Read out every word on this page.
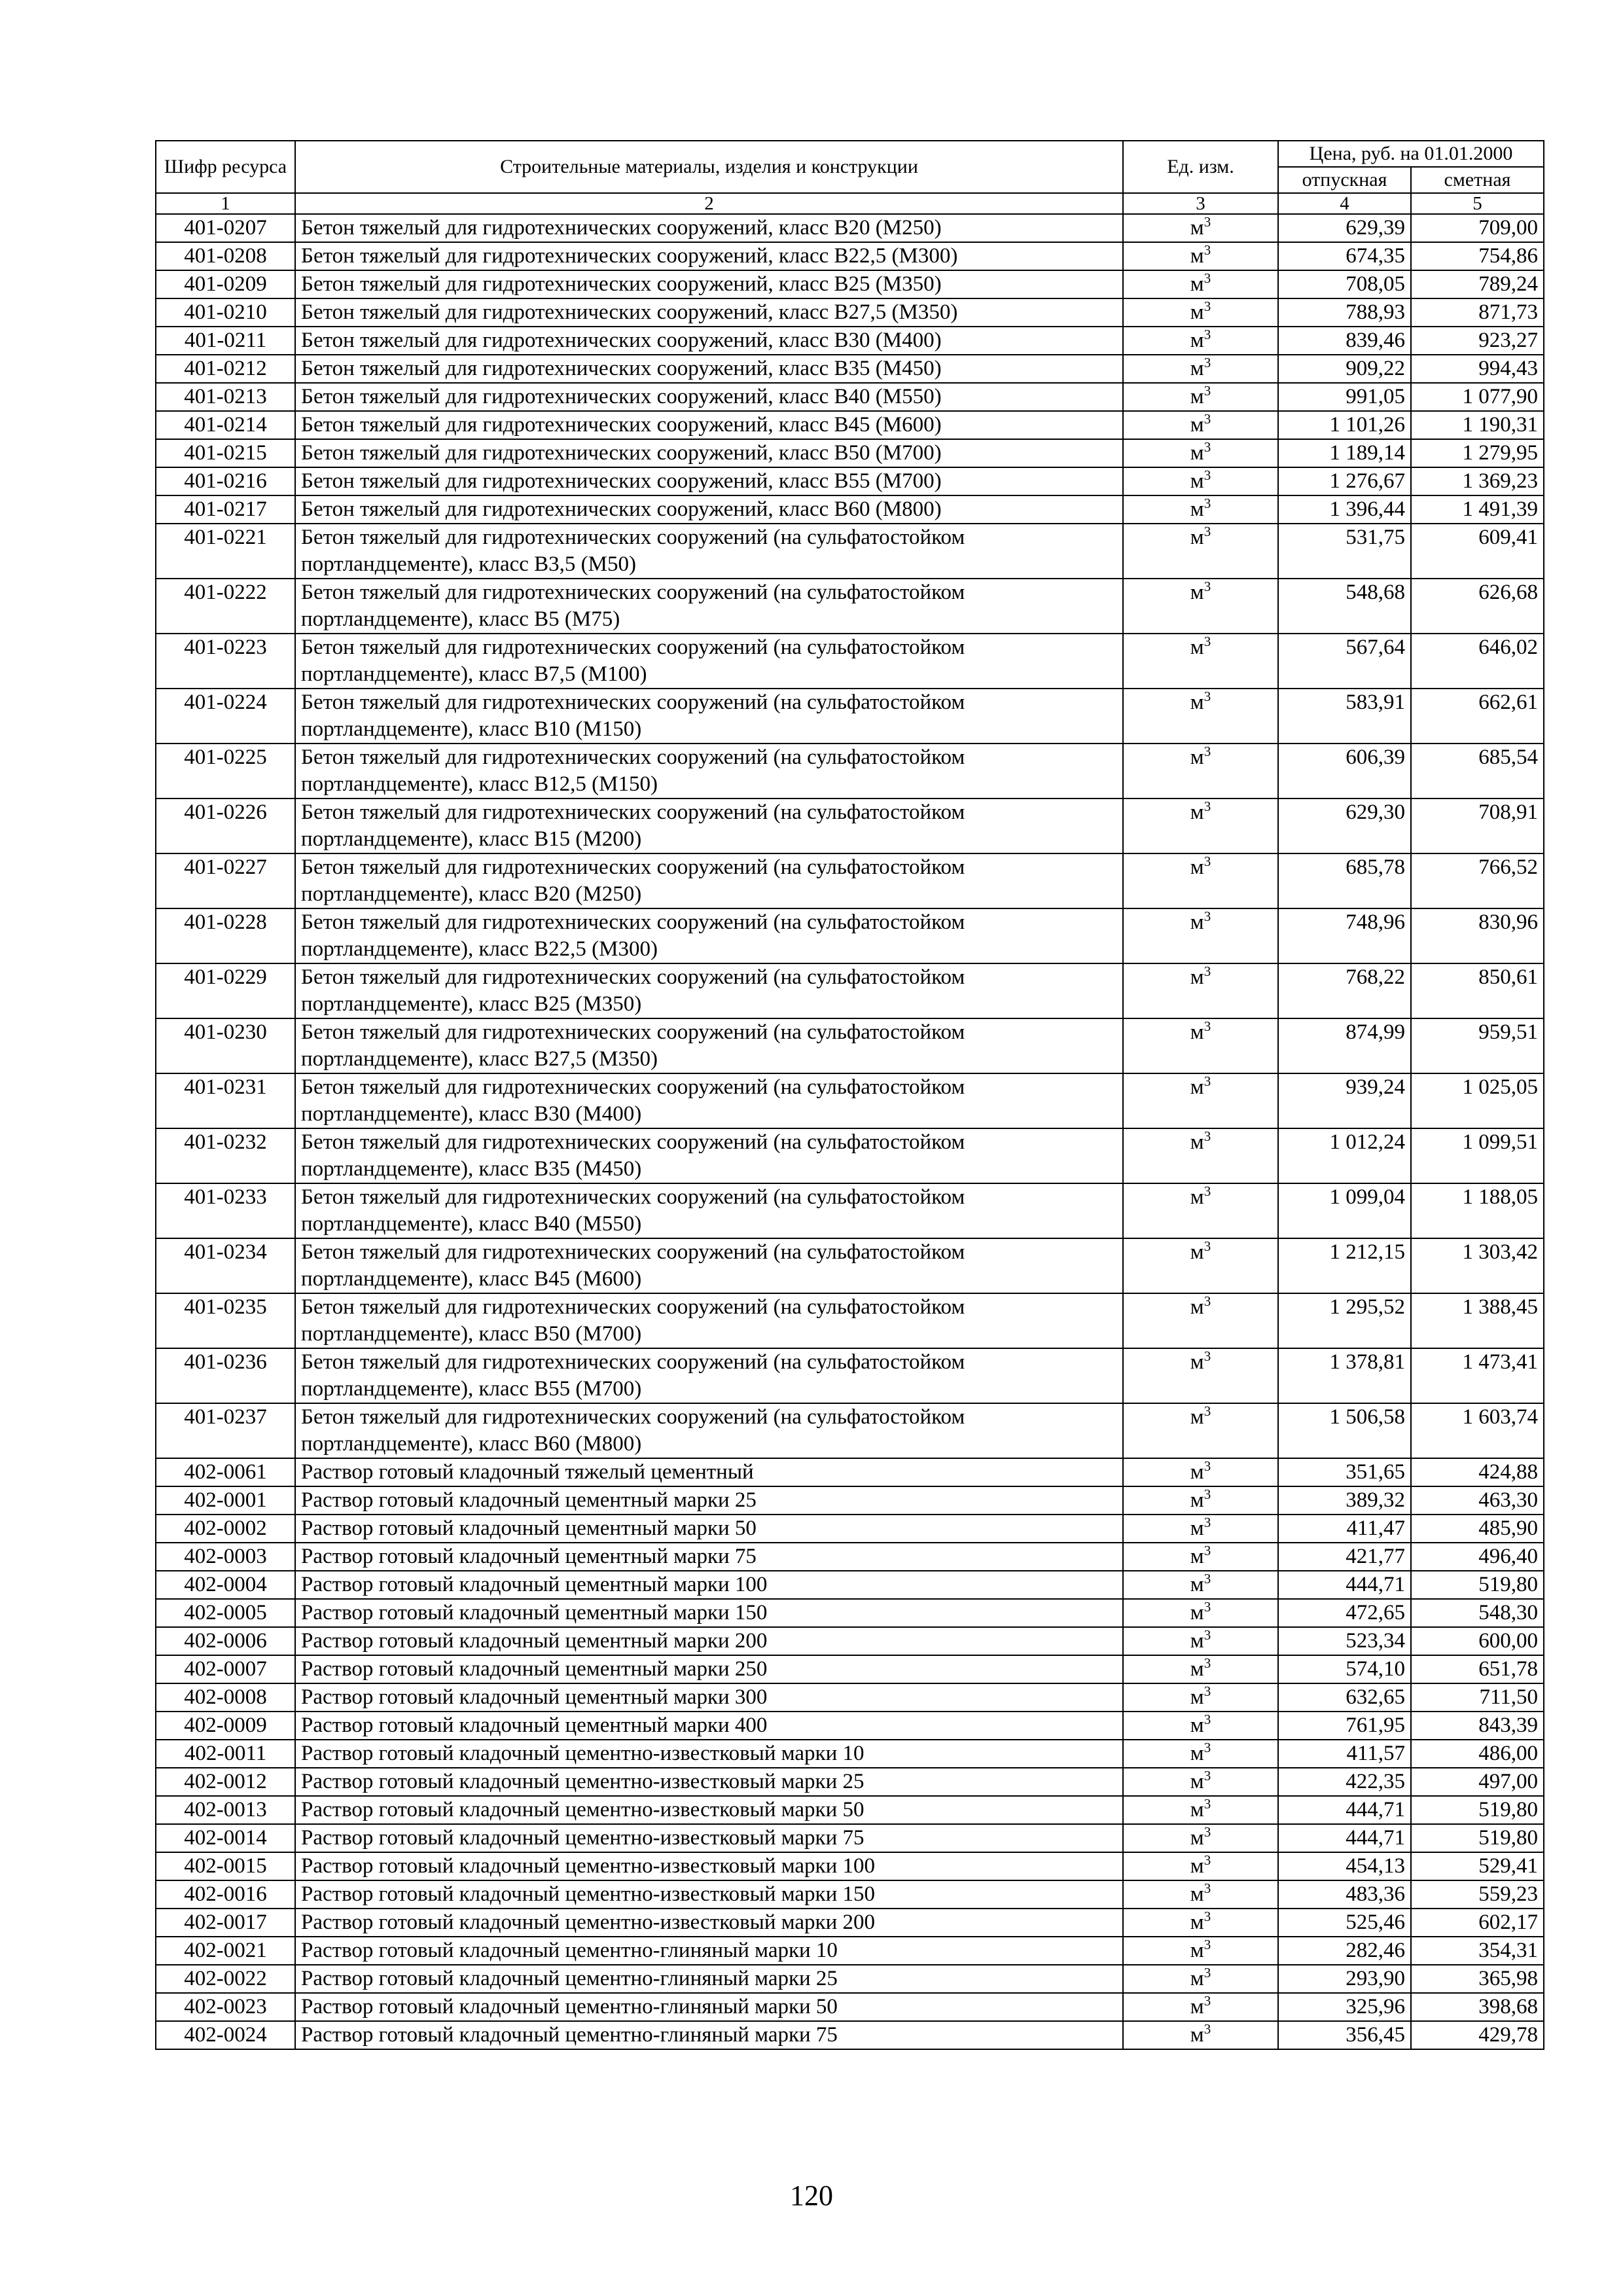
Шифр ресурса	Строительные материалы, изделия и конструкции	Ед. изм.	Цена, руб. на 01.01.2000	
			отпускная	сметная
1	2	3	4	5
401-0207	Бетон тяжелый для гидротехнических сооружений, класс В20 (М250)	$м^3$	629,39	709,00
401-0208	Бетон тяжелый для гидротехнических сооружений, класс В22,5 (М300)	$м^3$	674,35	754,86
401-0209	Бетон тяжелый для гидротехнических сооружений, класс В25 (М350)	$м^3$	708,05	789,24
401-0210	Бетон тяжелый для гидротехнических сооружений, класс В27,5 (М350)	$м^3$	788,93	871,73
401-0211	Бетон тяжелый для гидротехнических сооружений, класс В30 (М400)	$м^3$	839,46	923,27
401-0212	Бетон тяжелый для гидротехнических сооружений, класс В35 (М450)	$м^3$	909,22	994,43
401-0213	Бетон тяжелый для гидротехнических сооружений, класс В40 (М550)	$м^3$	991,05	1 077,90
401-0214	Бетон тяжелый для гидротехнических сооружений, класс В45 (М600)	$м^3$	1 101,26	1 190,31
401-0215	Бетон тяжелый для гидротехнических сооружений, класс В50 (М700)	$м^3$	1 189,14	1 279,95
401-0216	Бетон тяжелый для гидротехнических сооружений, класс В55 (М700)	$м^3$	1 276,67	1 369,23
401-0217	Бетон тяжелый для гидротехнических сооружений, класс В60 (М800)	$м^3$	1 396,44	1 491,39
401-0221	Бетон тяжелый для гидротехнических сооружений (на сульфатостойком портландцементе), класс В3,5 (М50)	$м^3$	531,75	609,41
401-0222	Бетон тяжелый для гидротехнических сооружений (на сульфатостойком портландцементе), класс В5 (М75)	$м^3$	548,68	626,68
401-0223	Бетон тяжелый для гидротехнических сооружений (на сульфатостойком портландцементе), класс В7,5 (М100)	$м^3$	567,64	646,02
401-0224	Бетон тяжелый для гидротехнических сооружений (на сульфатостойком портландцементе), класс В10 (М150)	$м^3$	583,91	662,61
401-0225	Бетон тяжелый для гидротехнических сооружений (на сульфатостойком портландцементе), класс В12,5 (М150)	$м^3$	606,39	685,54
401-0226	Бетон тяжелый для гидротехнических сооружений (на сульфатостойком портландцементе), класс В15 (М200)	$м^3$	629,30	708,91
401-0227	Бетон тяжелый для гидротехнических сооружений (на сульфатостойком портландцементе), класс В20 (М250)	$м^3$	685,78	766,52
401-0228	Бетон тяжелый для гидротехнических сооружений (на сульфатостойком портландцементе), класс В22,5 (М300)	$м^3$	748,96	830,96
401-0229	Бетон тяжелый для гидротехнических сооружений (на сульфатостойком портландцементе), класс В25 (М350)	$м^3$	768,22	850,61
401-0230	Бетон тяжелый для гидротехнических сооружений (на сульфатостойком портландцементе), класс В27,5 (М350)	$м^3$	874,99	959,51
401-0231	Бетон тяжелый для гидротехнических сооружений (на сульфатостойком портландцементе), класс В30 (М400)	$м^3$	939,24	1 025,05
401-0232	Бетон тяжелый для гидротехнических сооружений (на сульфатостойком портландцементе), класс В35 (М450)	$м^3$	1 012,24	1 099,51
401-0233	Бетон тяжелый для гидротехнических сооружений (на сульфатостойком портландцементе), класс В40 (М550)	$м^3$	1 099,04	1 188,05
401-0234	Бетон тяжелый для гидротехнических сооружений (на сульфатостойком портландцементе), класс В45 (М600)	$м^3$	1 212,15	1 303,42
401-0235	Бетон тяжелый для гидротехнических сооружений (на сульфатостойком портландцементе), класс В50 (М700)	$м^3$	1 295,52	1 388,45
401-0236	Бетон тяжелый для гидротехнических сооружений (на сульфатостойком портландцементе), класс В55 (М700)	$м^3$	1 378,81	1 473,41
401-0237	Бетон тяжелый для гидротехнических сооружений (на сульфатостойком портландцементе), класс В60 (М800)	$м^3$	1 506,58	1 603,74
402-0061	Раствор готовый кладочный тяжелый цементный	$м^3$	351,65	424,88
402-0001	Раствор готовый кладочный цементный марки 25	$м^3$	389,32	463,30
402-0002	Раствор готовый кладочный цементный марки 50	$м^3$	411,47	485,90
402-0003	Раствор готовый кладочный цементный марки 75	$м^3$	421,77	496,40
402-0004	Раствор готовый кладочный цементный марки 100	$м^3$	444,71	519,80
402-0005	Раствор готовый кладочный цементный марки 150	$м^3$	472,65	548,30
402-0006	Раствор готовый кладочный цементный марки 200	$м^3$	523,34	600,00
402-0007	Раствор готовый кладочный цементный марки 250	$м^3$	574,10	651,78
402-0008	Раствор готовый кладочный цементный марки 300	$м^3$	632,65	711,50
402-0009	Раствор готовый кладочный цементный марки 400	$м^3$	761,95	843,39
402-0011	Раствор готовый кладочный цементно-известковый марки 10	$м^3$	411,57	486,00
402-0012	Раствор готовый кладочный цементно-известковый марки 25	$м^3$	422,35	497,00
402-0013	Раствор готовый кладочный цементно-известковый марки 50	$м^3$	444,71	519,80
402-0014	Раствор готовый кладочный цементно-известковый марки 75	$м^3$	444,71	519,80
402-0015	Раствор готовый кладочный цементно-известковый марки 100	$м^3$	454,13	529,41
402-0016	Раствор готовый кладочный цементно-известковый марки 150	$м^3$	483,36	559,23
402-0017	Раствор готовый кладочный цементно-известковый марки 200	$м^3$	525,46	602,17
402-0021	Раствор готовый кладочный цементно-глиняный марки 10	$м^3$	282,46	354,31
402-0022	Раствор готовый кладочный цементно-глиняный марки 25	$м^3$	293,90	365,98
402-0023	Раствор готовый кладочный цементно-глиняный марки 50	$м^3$	325,96	398,68
402-0024	Раствор готовый кладочный цементно-глиняный марки 75	$м^3$	356,45	429,78
120
